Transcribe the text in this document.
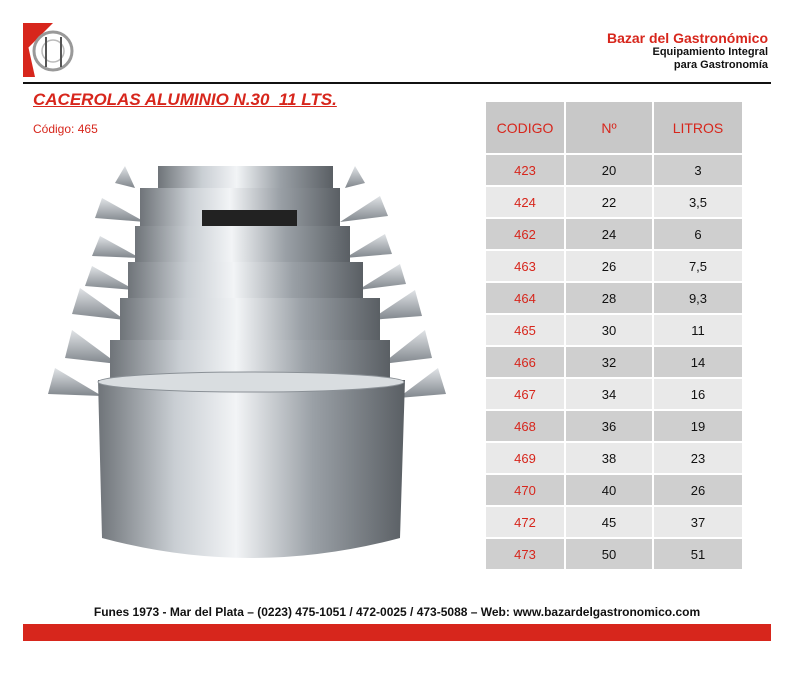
Bazar del Gastronómico
Equipamiento Integral
para Gastronomía
CACEROLAS ALUMINIO N.30  11 LTS.
Código: 465	CODIGO	Nº	LITROS
423	20	3
424	22	3,5
462	24	6
463	26	7,5
464	28	9,3
465	30	11
466	32	14
467	34	16
468	36	19
469	38	23
470	40	26
472	45	37
473	50	51
Funes 1973 - Mar del Plata – (0223) 475-1051 / 472-0025 / 473-5088 – Web: www.bazardelgastronomico.com
